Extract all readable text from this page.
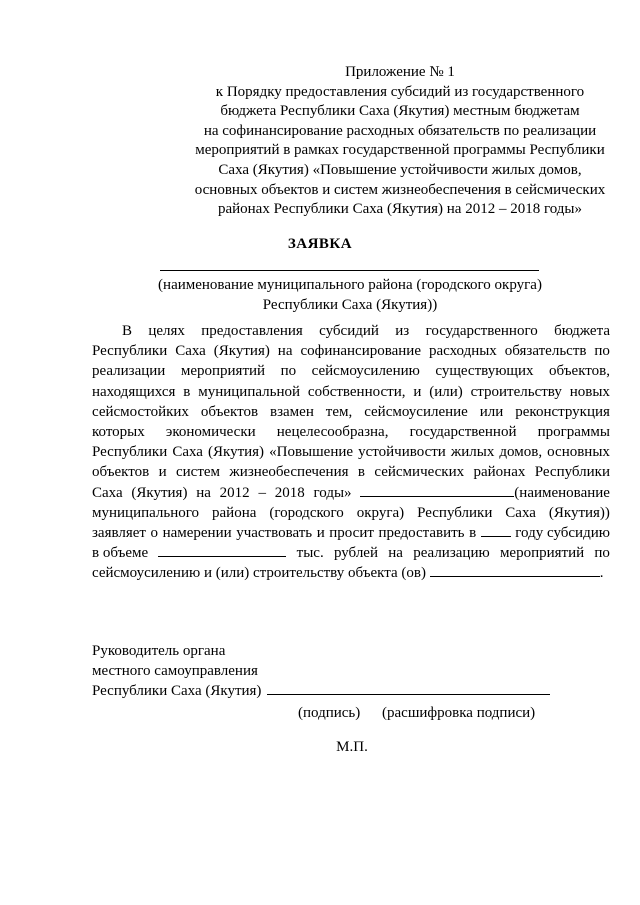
Приложение № 1
к Порядку предоставления субсидий из государственного
бюджета Республики Саха (Якутия) местным бюджетам
на софинансирование расходных обязательств по реализации
мероприятий в рамках государственной программы Республики
Саха (Якутия) «Повышение устойчивости жилых домов,
основных объектов и систем жизнеобеспечения в сейсмических
районах Республики Саха (Якутия) на 2012 – 2018 годы»
ЗАЯВКА
(наименование муниципального района (городского округа)
Республики Саха (Якутия))
В целях предоставления субсидий из государственного бюджета
Республики Саха (Якутия) на софинансирование расходных обязательств по
реализации мероприятий по сейсмоусилению существующих объектов,
находящихся в муниципальной собственности, и (или) строительству новых
сейсмостойких объектов взамен тем, сейсмоусиление или реконструкция
которых экономически нецелесообразна, государственной программы
Республики Саха (Якутия) «Повышение устойчивости жилых домов, основных
объектов и систем жизнеобеспечения в сейсмических районах Республики
Саха (Якутия) на 2012 – 2018 годы»	(наименование
муниципального района (городского округа) Республики Саха (Якутия))
заявляет о намерении участвовать и просит предоставить в	году субсидию
в объеме	тыс. рублей на реализацию мероприятий по
сейсмоусилению и (или) строительству объекта (ов)	.
Руководитель органа
местного самоуправления
Республики Саха (Якутия)
(подпись) (расшифровка подписи)
М.П.
